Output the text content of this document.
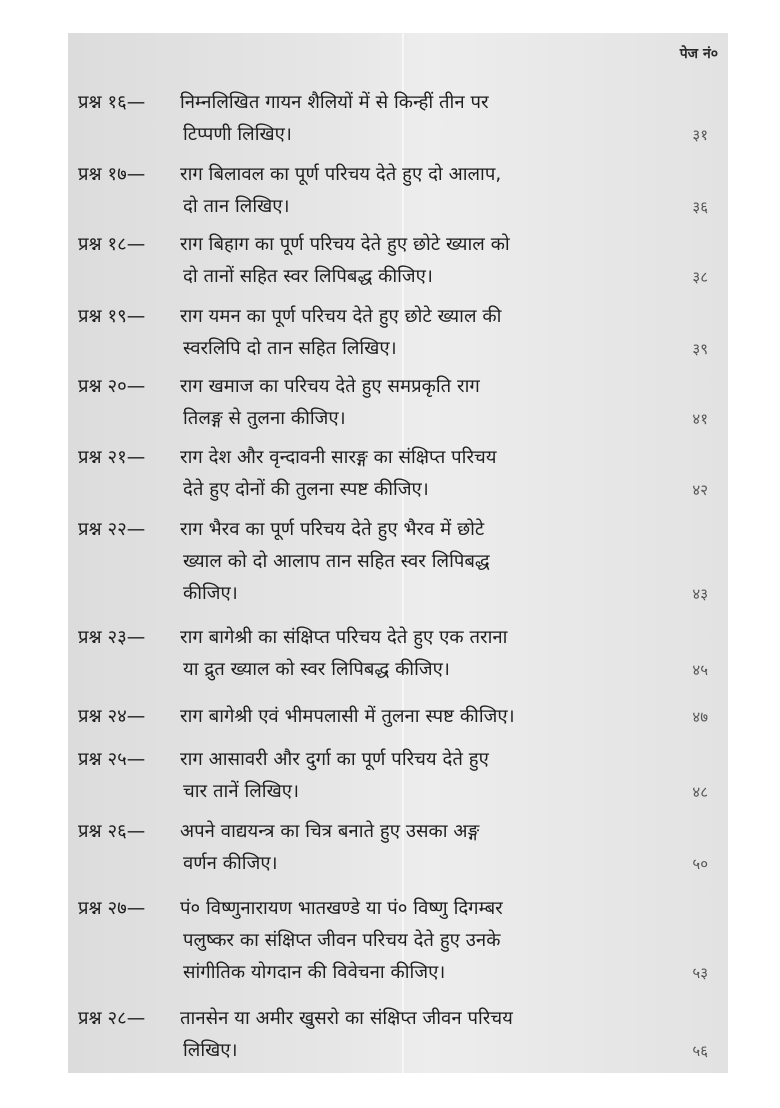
पेज नं०
प्रश्न १६— निम्नलिखित गायन शैलियों में से किन्हीं तीन पर
टिप्पणी लिखिए।	३१
प्रश्न १७— राग बिलावल का पूर्ण परिचय देते हुए दो आलाप,
दो तान लिखिए।	३६
प्रश्न १८— राग बिहाग का पूर्ण परिचय देते हुए छोटे ख्याल को
दो तानों सहित स्वर लिपिबद्ध कीजिए।	३८
प्रश्न १९— राग यमन का पूर्ण परिचय देते हुए छोटे ख्याल की
स्वरलिपि दो तान सहित लिखिए।	३९
प्रश्न २०— राग खमाज का परिचय देते हुए समप्रकृति राग
तिलङ्ग से तुलना कीजिए।	४१
प्रश्न २१— राग देश और वृन्दावनी सारङ्ग का संक्षिप्त परिचय
देते हुए दोनों की तुलना स्पष्ट कीजिए।	४२
प्रश्न २२— राग भैरव का पूर्ण परिचय देते हुए भैरव में छोटे
ख्याल को दो आलाप तान सहित स्वर लिपिबद्ध
कीजिए।	४३
प्रश्न २३— राग बागेश्री का संक्षिप्त परिचय देते हुए एक तराना
या द्रुत ख्याल को स्वर लिपिबद्ध कीजिए।	४५
प्रश्न २४— राग बागेश्री एवं भीमपलासी में तुलना स्पष्ट कीजिए।	४७
प्रश्न २५— राग आसावरी और दुर्गा का पूर्ण परिचय देते हुए
चार तानें लिखिए।	४८
प्रश्न २६— अपने वाद्ययन्त्र का चित्र बनाते हुए उसका अङ्ग
वर्णन कीजिए।	५०
प्रश्न २७— पं० विष्णुनारायण भातखण्डे या पं० विष्णु दिगम्बर
पलुष्कर का संक्षिप्त जीवन परिचय देते हुए उनके
सांगीतिक योगदान की विवेचना कीजिए।	५३
प्रश्न २८— तानसेन या अमीर खुसरो का संक्षिप्त जीवन परिचय
लिखिए।	५६
